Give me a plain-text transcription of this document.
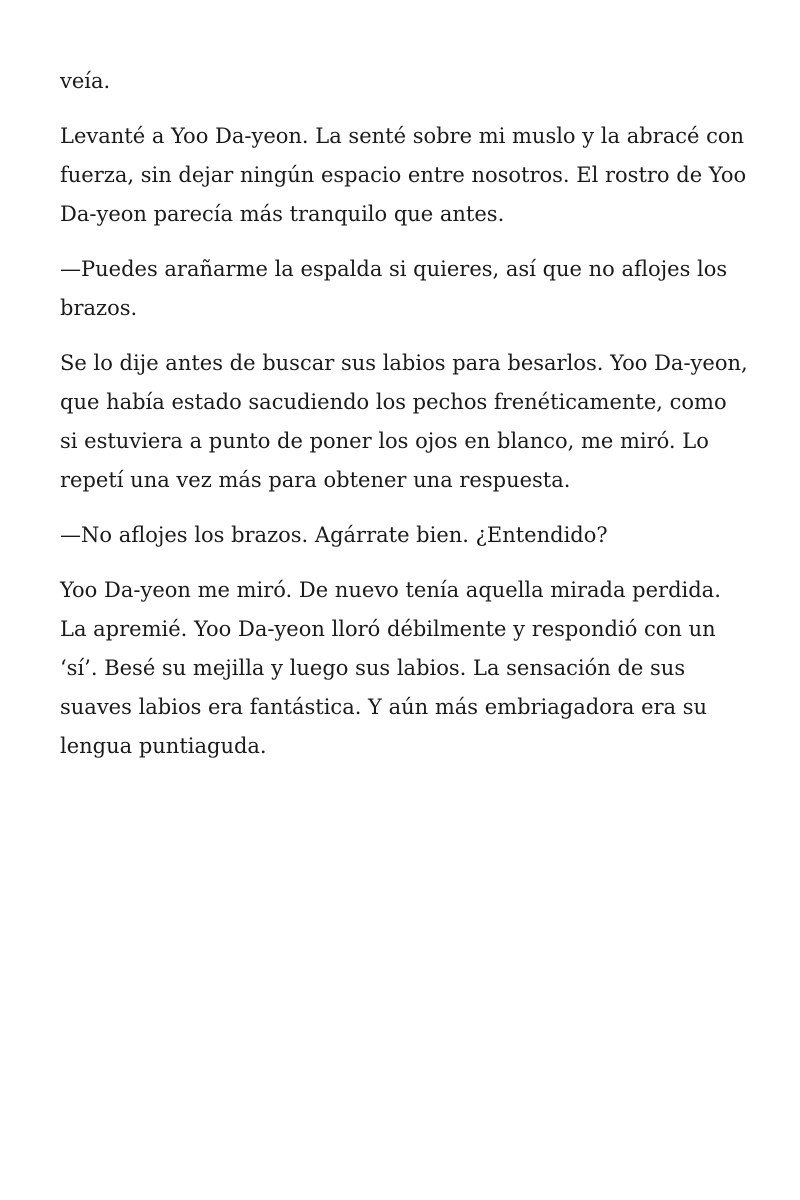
veía.

Levanté a Yoo Da-yeon. La senté sobre mi muslo y la abracé con fuerza, sin dejar ningún espacio entre nosotros. El rostro de Yoo Da-yeon parecía más tranquilo que antes.

—Puedes arañarme la espalda si quieres, así que no aflojes los brazos.

Se lo dije antes de buscar sus labios para besarlos. Yoo Da-yeon, que había estado sacudiendo los pechos frenéticamente, como si estuviera a punto de poner los ojos en blanco, me miró. Lo repetí una vez más para obtener una respuesta.

—No aflojes los brazos. Agárrate bien. ¿Entendido?

Yoo Da-yeon me miró. De nuevo tenía aquella mirada perdida. La apremié. Yoo Da-yeon lloró débilmente y respondió con un ‘sí’. Besé su mejilla y luego sus labios. La sensación de sus suaves labios era fantástica. Y aún más embriagadora era su lengua puntiaguda.
